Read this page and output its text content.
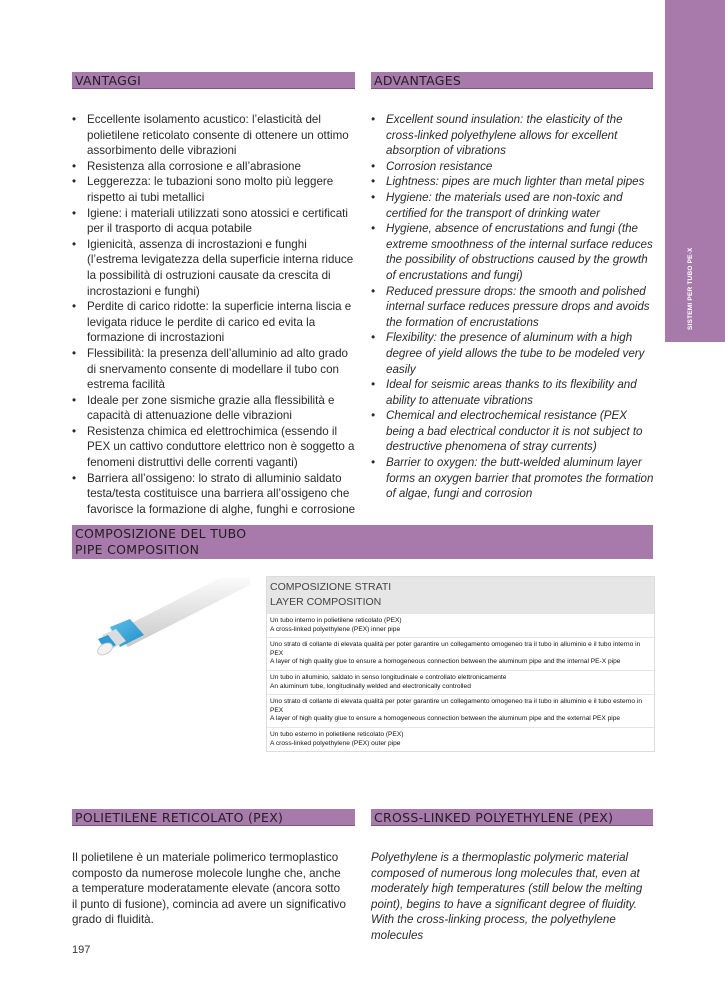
SISTEMI PER TUBO PE-X
VANTAGGI	ADVANTAGES
• Eccellente isolamento acustico: l’elasticità del polietilene reticolato consente di ottenere un ottimo assorbimento delle vibrazioni
• Resistenza alla corrosione e all’abrasione
• Leggerezza: le tubazioni sono molto più leggere rispetto ai tubi metallici
• Igiene: i materiali utilizzati sono atossici e certificati per il trasporto di acqua potabile
• Igienicità, assenza di incrostazioni e funghi (l’estrema levigatezza della superficie interna riduce la possibilità di ostruzioni causate da crescita di incrostazioni e funghi)
• Perdite di carico ridotte: la superficie interna liscia e levigata riduce le perdite di carico ed evita la formazione di incrostazioni
• Flessibilità: la presenza dell’alluminio ad alto grado di snervamento consente di modellare il tubo con estrema facilità
• Ideale per zone sismiche grazie alla flessibilità e capacità di attenuazione delle vibrazioni
• Resistenza chimica ed elettrochimica (essendo il PEX un cattivo conduttore elettrico non è soggetto a fenomeni distruttivi delle correnti vaganti)
• Barriera all’ossigeno: lo strato di alluminio saldato testa/testa costituisce una barriera all’ossigeno che favorisce la formazione di alghe, funghi e corrosione
• Excellent sound insulation: the elasticity of the cross-linked polyethylene allows for excellent absorption of vibrations
• Corrosion resistance
• Lightness: pipes are much lighter than metal pipes
• Hygiene: the materials used are non-toxic and certified for the transport of drinking water
• Hygiene, absence of encrustations and fungi (the extreme smoothness of the internal surface reduces the possibility of obstructions caused by the growth of encrustations and fungi)
• Reduced pressure drops: the smooth and polished internal surface reduces pressure drops and avoids the formation of encrustations
• Flexibility: the presence of aluminum with a high degree of yield allows the tube to be modeled very easily
• Ideal for seismic areas thanks to its flexibility and ability to attenuate vibrations
• Chemical and electrochemical resistance (PEX being a bad electrical conductor it is not subject to destructive phenomena of stray currents)
• Barrier to oxygen: the butt-welded aluminum layer forms an oxygen barrier that promotes the formation of algae, fungi and corrosion
COMPOSIZIONE DEL TUBO
PIPE COMPOSITION
COMPOSIZIONE STRATI
LAYER COMPOSITION
Un tubo interno in polietilene reticolato (PEX)
A cross-linked polyethylene (PEX) inner pipe
Uno strato di collante di elevata qualità per poter garantire un collegamento omogeneo tra il tubo in alluminio e il tubo interno in PEX
A layer of high quality glue to ensure a homogeneous connection between the aluminum pipe and the internal PE-X pipe
Un tubo in alluminio, saldato in senso longitudinale e controllato elettronicamente
An aluminum tube, longitudinally welded and electronically controlled
Uno strato di collante di elevata qualità per poter garantire un collegamento omogeneo tra il tubo in alluminio e il tubo esterno in PEX
A layer of high quality glue to ensure a homogeneous connection between the aluminum pipe and the external PEX pipe
Un tubo esterno in polietilene reticolato (PEX)
A cross-linked polyethylene (PEX) outer pipe
POLIETILENE RETICOLATO (PEX)	CROSS-LINKED POLYETHYLENE (PEX)
Il polietilene è un materiale polimerico termoplastico composto da numerose molecole lunghe che, anche a temperature moderatamente elevate (ancora sotto il punto di fusione), comincia ad avere un significativo grado di fluidità.
Polyethylene is a thermoplastic polymeric material composed of numerous long molecules that, even at moderately high temperatures (still below the melting point), begins to have a significant degree of fluidity. With the cross-linking process, the polyethylene molecules
197
